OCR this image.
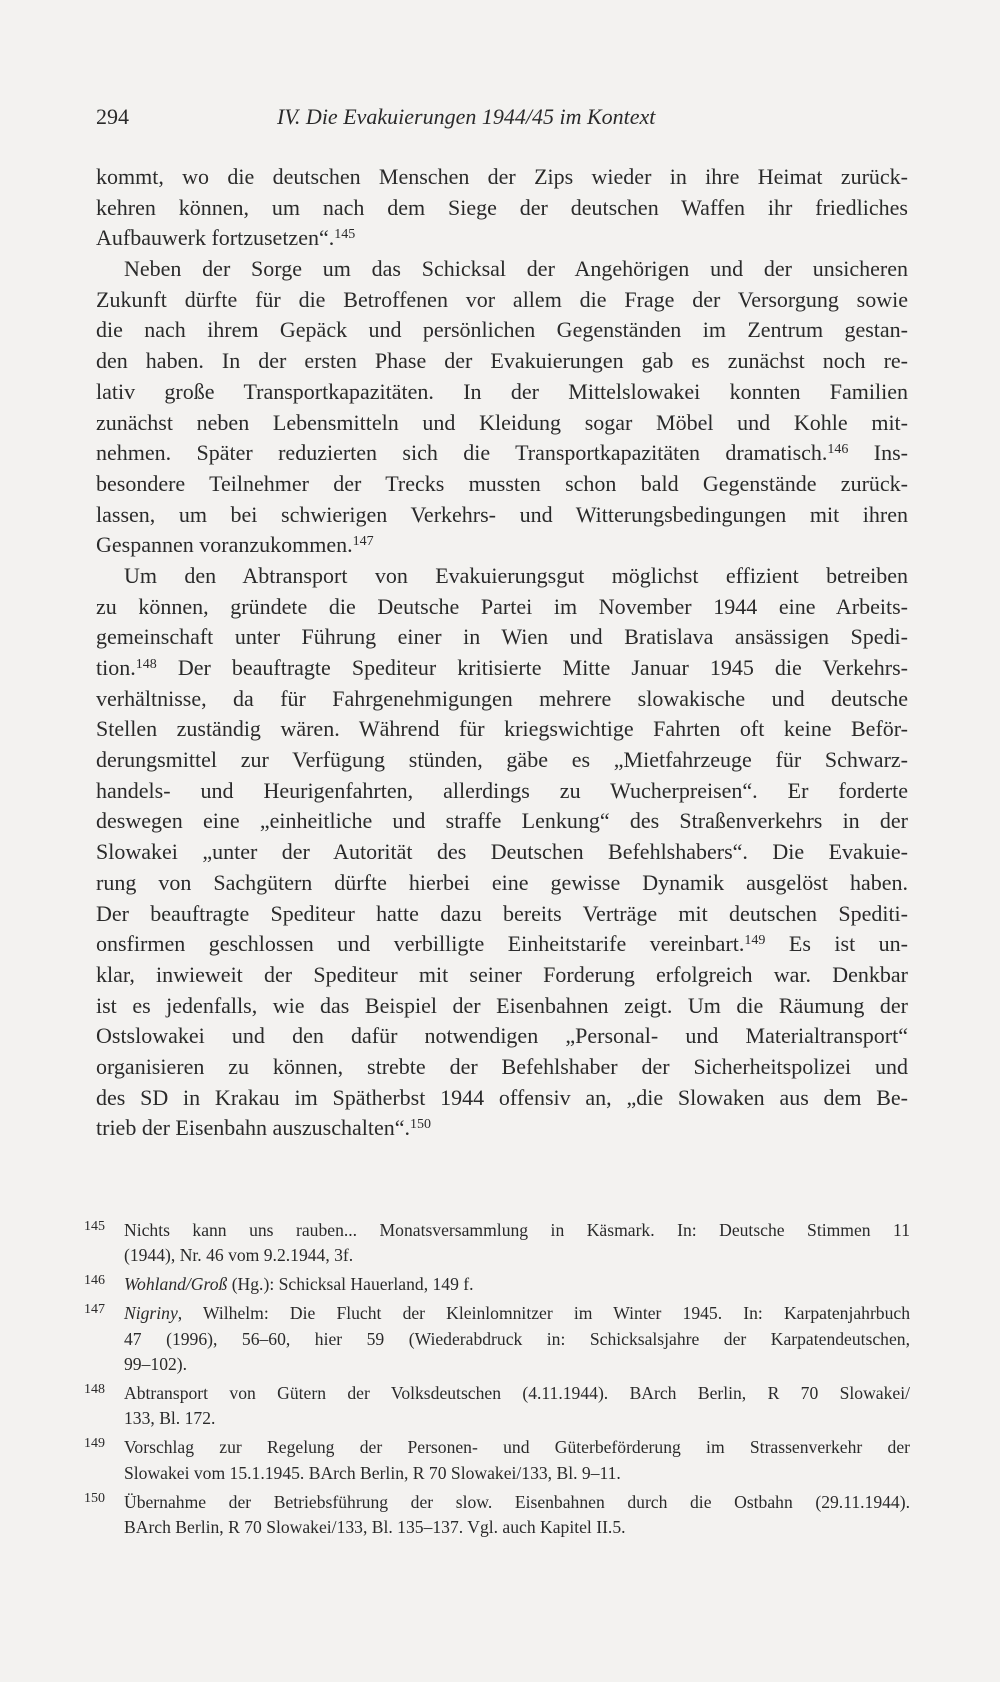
294	IV. Die Evakuierungen 1944/45 im Kontext
kommt, wo die deutschen Menschen der Zips wieder in ihre Heimat zurück-
kehren können, um nach dem Siege der deutschen Waffen ihr friedliches
Aufbauwerk fortzusetzen“.$^{145}$
Neben der Sorge um das Schicksal der Angehörigen und der unsicheren
Zukunft dürfte für die Betroffenen vor allem die Frage der Versorgung sowie
die nach ihrem Gepäck und persönlichen Gegenständen im Zentrum gestan-
den haben. In der ersten Phase der Evakuierungen gab es zunächst noch re-
lativ große Transportkapazitäten. In der Mittelslowakei konnten Familien
zunächst neben Lebensmitteln und Kleidung sogar Möbel und Kohle mit-
nehmen. Später reduzierten sich die Transportkapazitäten dramatisch.$^{146}$ Ins-
besondere Teilnehmer der Trecks mussten schon bald Gegenstände zurück-
lassen, um bei schwierigen Verkehrs- und Witterungsbedingungen mit ihren
Gespannen voranzukommen.$^{147}$
Um den Abtransport von Evakuierungsgut möglichst effizient betreiben
zu können, gründete die Deutsche Partei im November 1944 eine Arbeits-
gemeinschaft unter Führung einer in Wien und Bratislava ansässigen Spedi-
tion.$^{148}$ Der beauftragte Spediteur kritisierte Mitte Januar 1945 die Verkehrs-
verhältnisse, da für Fahrgenehmigungen mehrere slowakische und deutsche
Stellen zuständig wären. Während für kriegswichtige Fahrten oft keine Beför-
derungsmittel zur Verfügung stünden, gäbe es „Mietfahrzeuge für Schwarz-
handels- und Heurigenfahrten, allerdings zu Wucherpreisen“. Er forderte
deswegen eine „einheitliche und straffe Lenkung“ des Straßenverkehrs in der
Slowakei „unter der Autorität des Deutschen Befehlshabers“. Die Evakuie-
rung von Sachgütern dürfte hierbei eine gewisse Dynamik ausgelöst haben.
Der beauftragte Spediteur hatte dazu bereits Verträge mit deutschen Spediti-
onsfirmen geschlossen und verbilligte Einheitstarife vereinbart.$^{149}$ Es ist un-
klar, inwieweit der Spediteur mit seiner Forderung erfolgreich war. Denkbar
ist es jedenfalls, wie das Beispiel der Eisenbahnen zeigt. Um die Räumung der
Ostslowakei und den dafür notwendigen „Personal- und Materialtransport“
organisieren zu können, strebte der Befehlshaber der Sicherheitspolizei und
des SD in Krakau im Spätherbst 1944 offensiv an, „die Slowaken aus dem Be-
trieb der Eisenbahn auszuschalten“.$^{150}$
145 Nichts kann uns rauben... Monatsversammlung in Käsmark. In: Deutsche Stimmen 11
(1944), Nr. 46 vom 9.2.1944, 3f.
146 Wohland/Groß (Hg.): Schicksal Hauerland, 149 f.
147 Nigriny, Wilhelm: Die Flucht der Kleinlomnitzer im Winter 1945. In: Karpatenjahrbuch
47 (1996), 56–60, hier 59 (Wiederabdruck in: Schicksalsjahre der Karpatendeutschen,
99–102).
148 Abtransport von Gütern der Volksdeutschen (4.11.1944). BArch Berlin, R 70 Slowakei/
133, Bl. 172.
149 Vorschlag zur Regelung der Personen- und Güterbeförderung im Strassenverkehr der
Slowakei vom 15.1.1945. BArch Berlin, R 70 Slowakei/133, Bl. 9–11.
150 Übernahme der Betriebsführung der slow. Eisenbahnen durch die Ostbahn (29.11.1944).
BArch Berlin, R 70 Slowakei/133, Bl. 135–137. Vgl. auch Kapitel II.5.
